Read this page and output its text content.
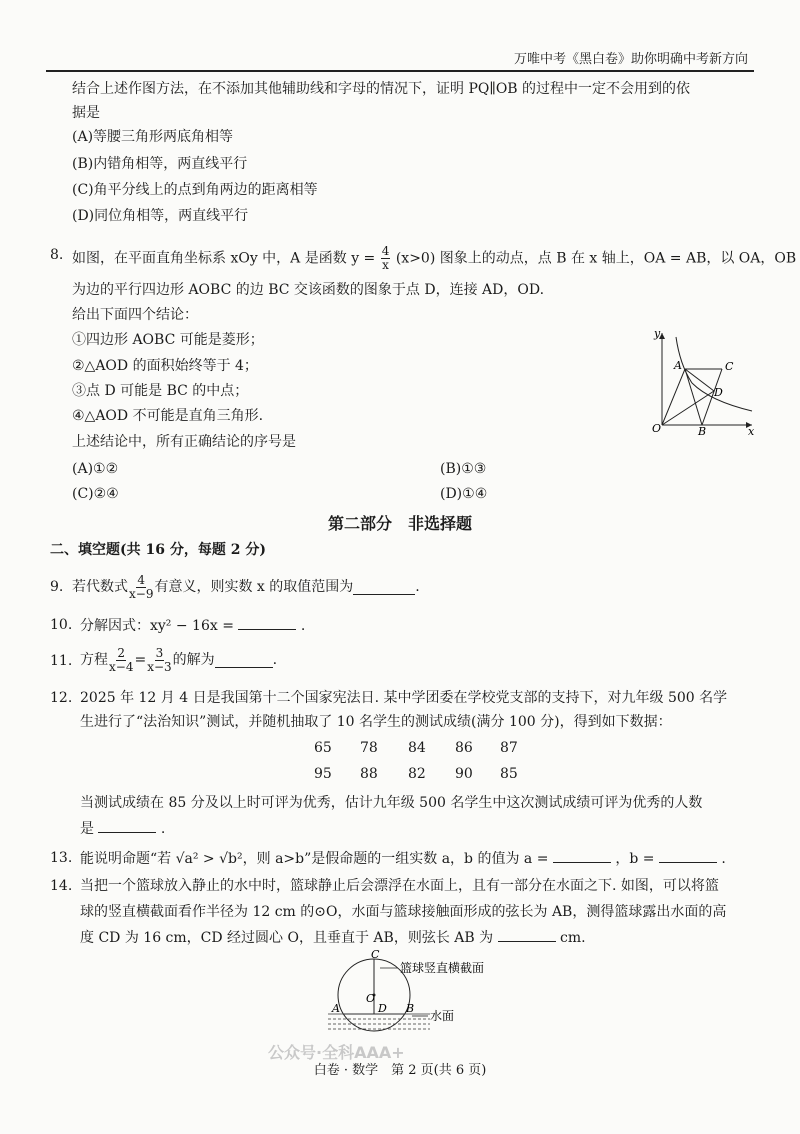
万唯中考《黑白卷》助你明确中考新方向
结合上述作图方法，在不添加其他辅助线和字母的情况下，证明 PQ∥OB 的过程中一定不会用到的依
据是
(A)等腰三角形两底角相等
(B)内错角相等，两直线平行
(C)角平分线上的点到角两边的距离相等
(D)同位角相等，两直线平行
8. 如图，在平面直角坐标系 xOy 中，A 是函数 $y = \frac{4}{x} (x>0)$ 图象上的动点，点 B 在 x 轴上，OA = AB，以 OA，OB
为边的平行四边形 AOBC 的边 BC 交该函数的图象于点 D，连接 AD，OD.
给出下面四个结论：
①四边形 AOBC 可能是菱形；
②△AOD 的面积始终等于 4；
③点 D 可能是 BC 的中点；
④△AOD 不可能是直角三角形.
上述结论中，所有正确结论的序号是
(A)①②	(B)①③
(C)②④	(D)①④
y
x
O
A	C
D
B
第二部分　非选择题
二、填空题(共 16 分，每题 2 分)
9. 若代数式 $\frac{4}{x-9}$ 有意义，则实数 x 的取值范围为	.
10. 分解因式：xy² − 16x =	.
11. 方程 $\frac{2}{x-4} = \frac{3}{x-3}$ 的解为	.
12. 2025 年 12 月 4 日是我国第十二个国家宪法日. 某中学团委在学校党支部的支持下，对九年级 500 名学
生进行了“法治知识”测试，并随机抽取了 10 名学生的测试成绩(满分 100 分)，得到如下数据：
65 78 84 86 87
95 88 82 90 85
当测试成绩在 85 分及以上时可评为优秀，估计九年级 500 名学生中这次测试成绩可评为优秀的人数
是	.
13. 能说明命题“若 √a² > √b²，则 a>b”是假命题的一组实数 a，b 的值为 a =	，b =	.
14. 当把一个篮球放入静止的水中时，篮球静止后会漂浮在水面上，且有一部分在水面之下. 如图，可以将篮
球的竖直横截面看作半径为 12 cm 的⊙O，水面与篮球接触面形成的弦长为 AB，测得篮球露出水面的高
度 CD 为 16 cm，CD 经过圆心 O，且垂直于 AB，则弦长 AB 为	cm.
C
O
A	D B
篮球竖直横截面
水面
公众号·全科AAA+
白卷 · 数学　第 2 页(共 6 页)
